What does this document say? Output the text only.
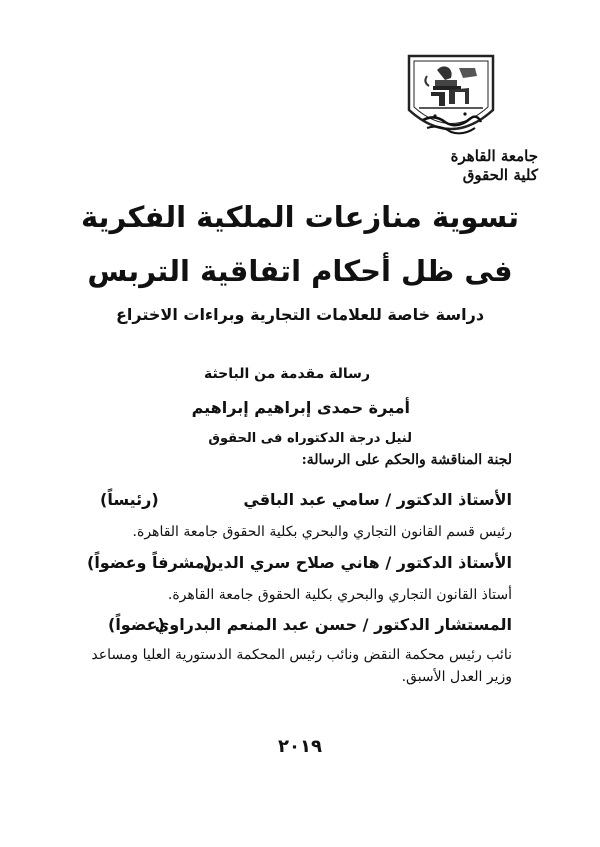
جامعة القاهرة
كلية الحقوق
تسوية منازعات الملكية الفكرية
فى ظل أحكام اتفاقية التربس
دراسة خاصة للعلامات التجارية وبراءات الاختراع
رسالة مقدمة من الباحثة
أميرة حمدى إبراهيم إبراهيم
لنيل درجة الدكتوراه فى الحقوق
لجنة المناقشة والحكم على الرسالة:
الأستاذ الدكتور / سامي عبد الباقي
(رئيساً)
رئيس قسم القانون التجاري والبحري بكلية الحقوق جامعة القاهرة.
الأستاذ الدكتور / هاني صلاح سري الدين
(مشرفاً وعضواً)
أستاذ القانون التجاري والبحري بكلية الحقوق جامعة القاهرة.
المستشار الدكتور / حسن عبد المنعم البدراوي
(عضواً)
نائب رئيس محكمة النقض ونائب رئيس المحكمة الدستورية العليا ومساعد وزير العدل الأسبق.
٢٠١٩
